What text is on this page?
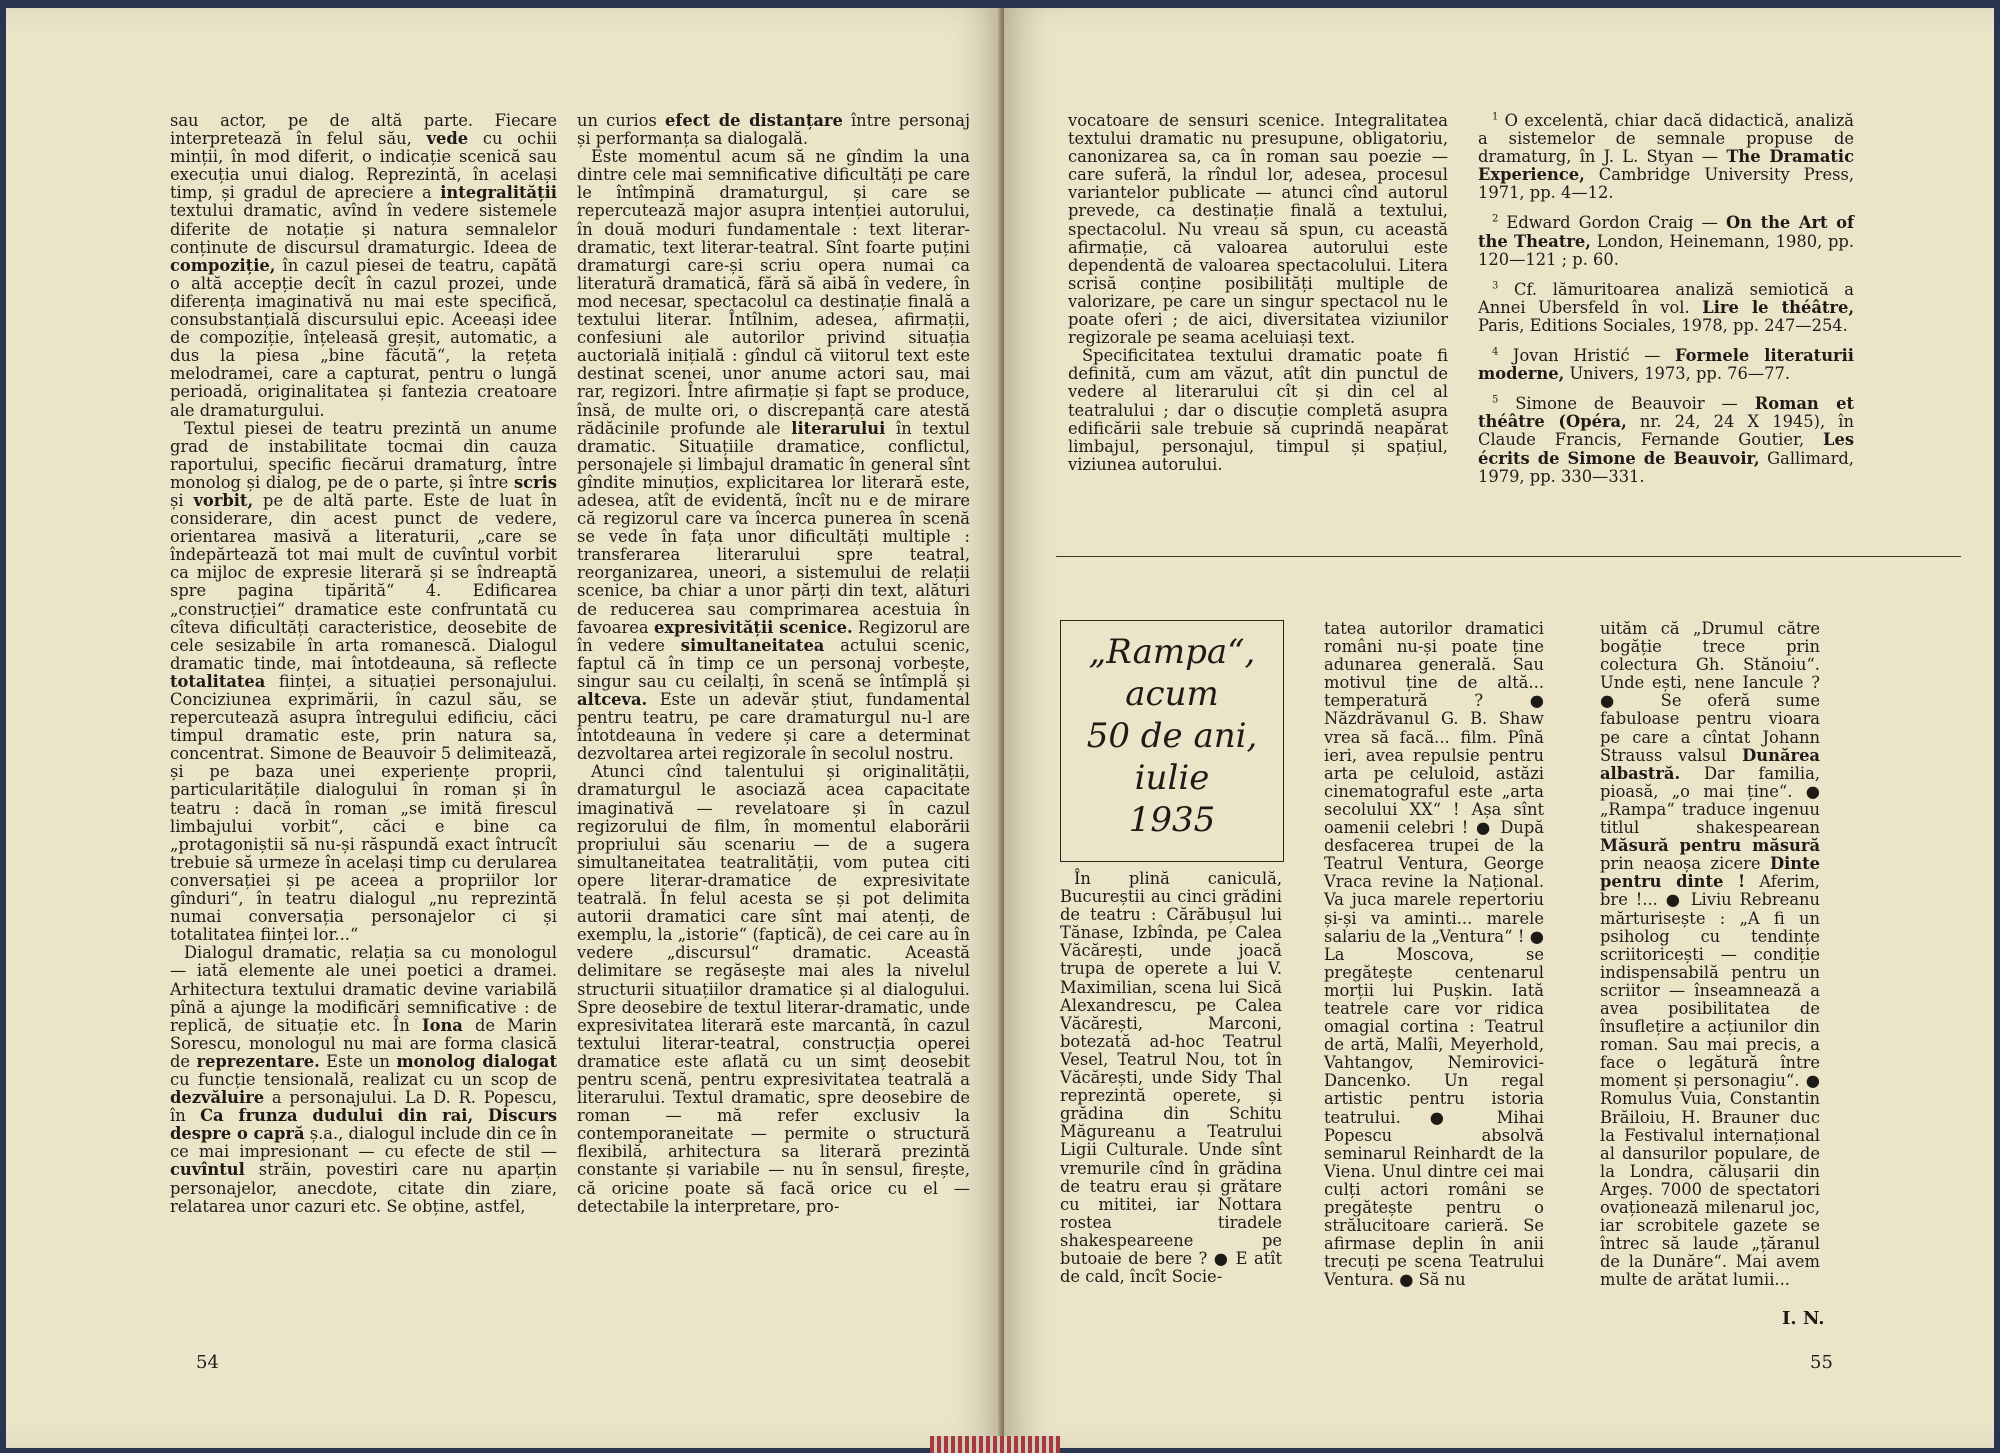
sau actor, pe de altă parte. Fiecare interpretează în felul său, vede cu ochii minții, în mod diferit, o indicație scenică sau execuția unui dialog. Reprezintă, în același timp, și gradul de apreciere a integralității textului dramatic, avînd în vedere sistemele diferite de notație și natura semnalelor conținute de discursul dramaturgic. Ideea de compoziție, în cazul piesei de teatru, capătă o altă accepție decît în cazul prozei, unde diferența imaginativă nu mai este specifică, consubstanțială discursului epic. Aceeași idee de compoziție, înțeleasă greșit, automatic, a dus la piesa „bine făcută“, la rețeta melodramei, care a capturat, pentru o lungă perioadă, originalitatea și fantezia creatoare ale dramaturgului.

Textul piesei de teatru prezintă un anume grad de instabilitate tocmai din cauza raportului, specific fiecărui dramaturg, între monolog și dialog, pe de o parte, și între scris și vorbit, pe de altă parte. Este de luat în considerare, din acest punct de vedere, orientarea masivă a literaturii, „care se îndepărtează tot mai mult de cuvîntul vorbit ca mijloc de expresie literară și se îndreaptă spre pagina tipărită“ 4. Edificarea „construcției“ dramatice este confruntată cu cîteva dificultăți caracteristice, deosebite de cele sesizabile în arta romanescă. Dialogul dramatic tinde, mai întotdeauna, să reflecte totalitatea ființei, a situației personajului. Conciziunea exprimării, în cazul său, se repercutează asupra întregului edificiu, căci timpul dramatic este, prin natura sa, concentrat. Simone de Beauvoir 5 delimitează, și pe baza unei experiențe proprii, particularitățile dialogului în roman și în teatru : dacă în roman „se imită firescul limbajului vorbit“, căci e bine ca „protagoniștii să nu-și răspundă exact întrucît trebuie să urmeze în același timp cu derularea conversației și pe aceea a propriilor lor gînduri“, în teatru dialogul „nu reprezintă numai conversația personajelor ci și totalitatea ființei lor...“

Dialogul dramatic, relația sa cu monologul — iată elemente ale unei poetici a dramei. Arhitectura textului dramatic devine variabilă pînă a ajunge la modificări semnificative : de replică, de situație etc. În Iona de Marin Sorescu, monologul nu mai are forma clasică de reprezentare. Este un monolog dialogat cu funcție tensională, realizat cu un scop de dezvăluire a personajului. La D. R. Popescu, în Ca frunza dudului din rai, Discurs despre o capră ș.a., dialogul include din ce în ce mai impresionant — cu efecte de stil — cuvîntul străin, povestiri care nu aparțin personajelor, anecdote, citate din ziare, relatarea unor cazuri etc. Se obține, astfel,

un curios efect de distanțare între personaj și performanța sa dialogală.

Este momentul acum să ne gîndim la una dintre cele mai semnificative dificultăți pe care le întîmpină dramaturgul, și care se repercutează major asupra intenției autorului, în două moduri fundamentale : text literar-dramatic, text literar-teatral. Sînt foarte puțini dramaturgi care-și scriu opera numai ca literatură dramatică, fără să aibă în vedere, în mod necesar, spectacolul ca destinație finală a textului literar. Întîlnim, adesea, afirmații, confesiuni ale autorilor privind situația auctorială inițială : gîndul că viitorul text este destinat scenei, unor anume actori sau, mai rar, regizori. Între afirmație și fapt se produce, însă, de multe ori, o discrepanță care atestă rădăcinile profunde ale literarului în textul dramatic. Situațiile dramatice, conflictul, personajele și limbajul dramatic în general sînt gîndite minuțios, explicitarea lor literară este, adesea, atît de evidentă, încît nu e de mirare că regizorul care va încerca punerea în scenă se vede în fața unor dificultăți multiple : transferarea literarului spre teatral, reorganizarea, uneori, a sistemului de relații scenice, ba chiar a unor părți din text, alături de reducerea sau comprimarea acestuia în favoarea expresivității scenice. Regizorul are în vedere simultaneitatea actului scenic, faptul că în timp ce un personaj vorbește, singur sau cu ceilalți, în scenă se întîmplă și altceva. Este un adevăr știut, fundamental pentru teatru, pe care dramaturgul nu-l are întotdeauna în vedere și care a determinat dezvoltarea artei regizorale în secolul nostru.

Atunci cînd talentului și originalității, dramaturgul le asociază acea capacitate imaginativă — revelatoare și în cazul regizorului de film, în momentul elaborării propriului său scenariu — de a sugera simultaneitatea teatralității, vom putea citi opere literar-dramatice de expresivitate teatrală. În felul acesta se și pot delimita autorii dramatici care sînt mai atenți, de exemplu, la „istorie“ (fapticã), de cei care au în vedere „discursul“ dramatic. Această delimitare se regăsește mai ales la nivelul structurii situațiilor dramatice și al dialogului. Spre deosebire de textul literar-dramatic, unde expresivitatea literară este marcantă, în cazul textului literar-teatral, construcția operei dramatice este aflată cu un simț deosebit pentru scenă, pentru expresivitatea teatrală a literarului. Textul dramatic, spre deosebire de roman — mă refer exclusiv la contemporaneitate — permite o structură flexibilă, arhitectura sa literară prezintă constante și variabile — nu în sensul, firește, că oricine poate să facă orice cu el — detectabile la interpretare, pro-

54

vocatoare de sensuri scenice. Integralitatea textului dramatic nu presupune, obligatoriu, canonizarea sa, ca în roman sau poezie — care suferă, la rîndul lor, adesea, procesul variantelor publicate — atunci cînd autorul prevede, ca destinație finală a textului, spectacolul. Nu vreau să spun, cu această afirmație, că valoarea autorului este dependentă de valoarea spectacolului. Litera scrisă conține posibilități multiple de valorizare, pe care un singur spectacol nu le poate oferi ; de aici, diversitatea viziunilor regizorale pe seama aceluiași text.

Specificitatea textului dramatic poate fi definită, cum am văzut, atît din punctul de vedere al literarului cît și din cel al teatralului ; dar o discuție completă asupra edificării sale trebuie să cuprindă neapărat limbajul, personajul, timpul și spațiul, viziunea autorului.

$^1$ O excelentă, chiar dacă didactică, analiză a sistemelor de semnale propuse de dramaturg, în J. L. Styan — The Dramatic Experience, Cambridge University Press, 1971, pp. 4—12.

$^2$ Edward Gordon Craig — On the Art of the Theatre, London, Heinemann, 1980, pp. 120—121 ; p. 60.

$^3$ Cf. lămuritoarea analiză semiotică a Annei Ubersfeld în vol. Lire le théâtre, Paris, Editions Sociales, 1978, pp. 247—254.

$^4$ Jovan Hristić — Formele literaturii moderne, Univers, 1973, pp. 76—77.

$^5$ Simone de Beauvoir — Roman et théâtre (Opéra, nr. 24, 24 X 1945), în Claude Francis, Fernande Goutier, Les écrits de Simone de Beauvoir, Gallimard, 1979, pp. 330—331.

„Rampa“,
acum
50 de ani,
iulie
1935

În plină caniculă, Bucureștii au cinci grădini de teatru : Cărăbușul lui Tănase, Izbînda, pe Calea Văcărești, unde joacă trupa de operete a lui V. Maximilian, scena lui Sică Alexandrescu, pe Calea Văcărești, Marconi, botezată ad-hoc Teatrul Vesel, Teatrul Nou, tot în Văcărești, unde Sidy Thal reprezintă operete, și grădina din Schitu Măgureanu a Teatrului Ligii Culturale. Unde sînt vremurile cînd în grădina de teatru erau și grătare cu mititei, iar Nottara rostea tiradele shakespeareene pe butoaie de bere ? ● E atît de cald, încît Socie-

tatea autorilor dramatici români nu-și poate ține adunarea generală. Sau motivul ține de altă... temperatură ? ● Năzdrăvanul G. B. Shaw vrea să facă... film. Pînă ieri, avea repulsie pentru arta pe celuloid, astăzi cinematograful este „arta secolului XX“ ! Așa sînt oamenii celebri ! ● După desfacerea trupei de la Teatrul Ventura, George Vraca revine la Național. Va juca marele repertoriu și-și va aminti... marele salariu de la „Ventura“ ! ● La Moscova, se pregătește centenarul morții lui Pușkin. Iată teatrele care vor ridica omagial cortina : Teatrul de artă, Malîi, Meyerhold, Vahtangov, Nemirovici-Dancenko. Un regal artistic pentru istoria teatrului. ● Mihai Popescu absolvă seminarul Reinhardt de la Viena. Unul dintre cei mai culți actori români se pregătește pentru o strălucitoare carieră. Se afirmase deplin în anii trecuți pe scena Teatrului Ventura. ● Să nu

uităm că „Drumul către bogăție trece prin colectura Gh. Stănoiu“. Unde ești, nene Iancule ? ● Se oferă sume fabuloase pentru vioara pe care a cîntat Johann Strauss valsul Dunărea albastră. Dar familia, pioasă, „o mai ține“. ● „Rampa“ traduce ingenuu titlul shakespearean Măsură pentru măsură prin neaoșa zicere Dinte pentru dinte ! Aferim, bre !... ● Liviu Rebreanu mărturisește : „A fi un psiholog cu tendințe scriitoricești — condiție indispensabilă pentru un scriitor — înseamnează a avea posibilitatea de însuflețire a acțiunilor din roman. Sau mai precis, a face o legătură între moment și personagiu“. ● Romulus Vuia, Constantin Brăiloiu, H. Brauner duc la Festivalul internațional al dansurilor populare, de la Londra, călușarii din Argeș. 7000 de spectatori ovaționează milenarul joc, iar scrobitele gazete se întrec să laude „țăranul de la Dunăre“. Mai avem multe de arătat lumii...

I. N.
55
